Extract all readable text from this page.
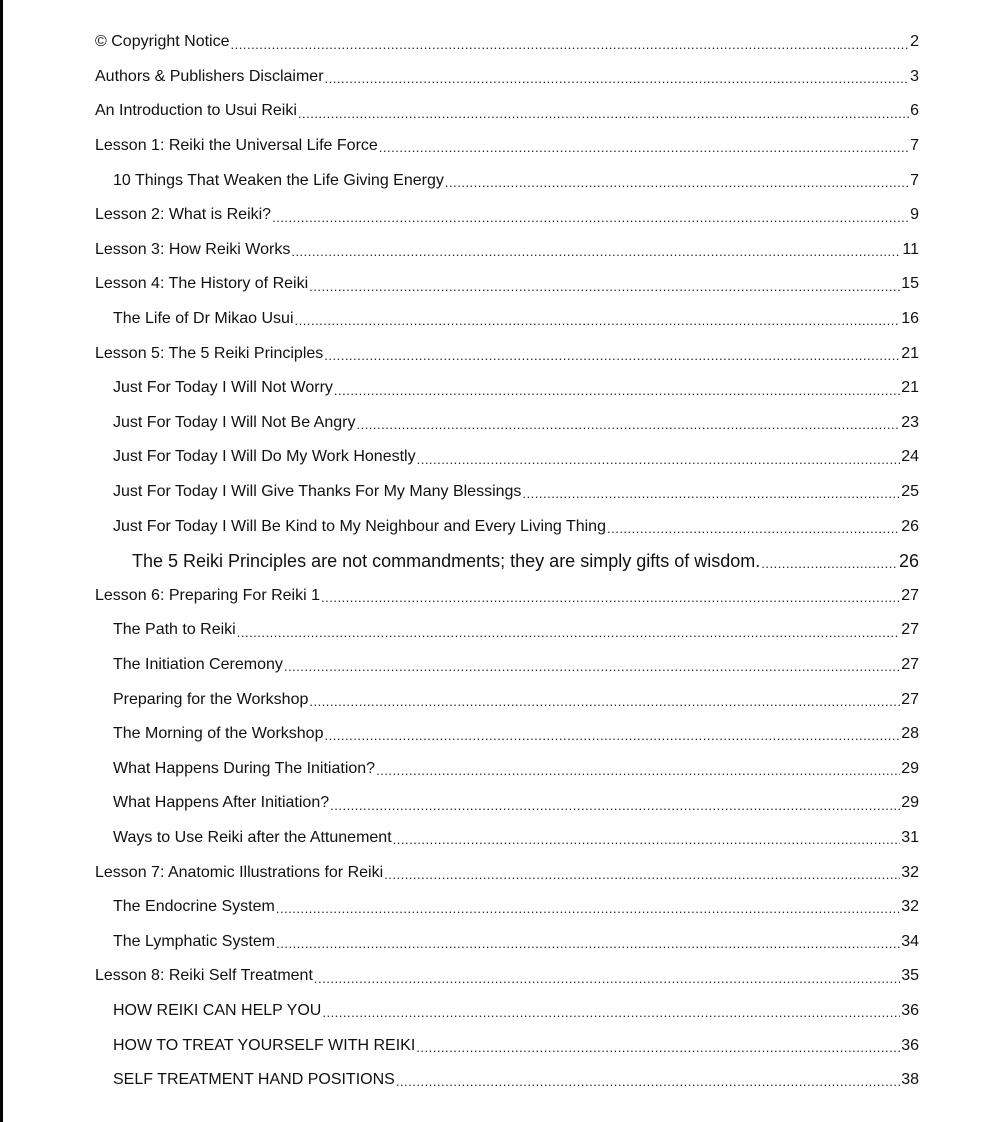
© Copyright Notice .....	2
Authors & Publishers Disclaimer .....	3
An Introduction to Usui Reiki .....	6
Lesson 1: Reiki the Universal Life Force .....	7
10 Things That Weaken the Life Giving Energy .....	7
Lesson 2: What is Reiki? .....	9
Lesson 3: How Reiki Works .....	11
Lesson 4: The History of Reiki .....	15
The Life of Dr Mikao Usui .....	16
Lesson 5: The 5 Reiki Principles .....	21
Just For Today I Will Not Worry .....	21
Just For Today I Will Not Be Angry .....	23
Just For Today I Will Do My Work Honestly .....	24
Just For Today I Will Give Thanks For My Many Blessings .....	25
Just For Today I Will Be Kind to My Neighbour and Every Living Thing .....	26
The 5 Reiki Principles are not commandments; they are simply gifts of wisdom. .....	26
Lesson 6: Preparing For Reiki 1 .....	27
The Path to Reiki .....	27
The Initiation Ceremony .....	27
Preparing for the Workshop .....	27
The Morning of the Workshop .....	28
What Happens During The Initiation? .....	29
What Happens After Initiation? .....	29
Ways to Use Reiki after the Attunement .....	31
Lesson 7: Anatomic Illustrations for Reiki .....	32
The Endocrine System .....	32
The Lymphatic System .....	34
Lesson 8: Reiki Self Treatment .....	35
HOW REIKI CAN HELP YOU .....	36
HOW TO TREAT YOURSELF WITH REIKI .....	36
SELF TREATMENT HAND POSITIONS .....	38
